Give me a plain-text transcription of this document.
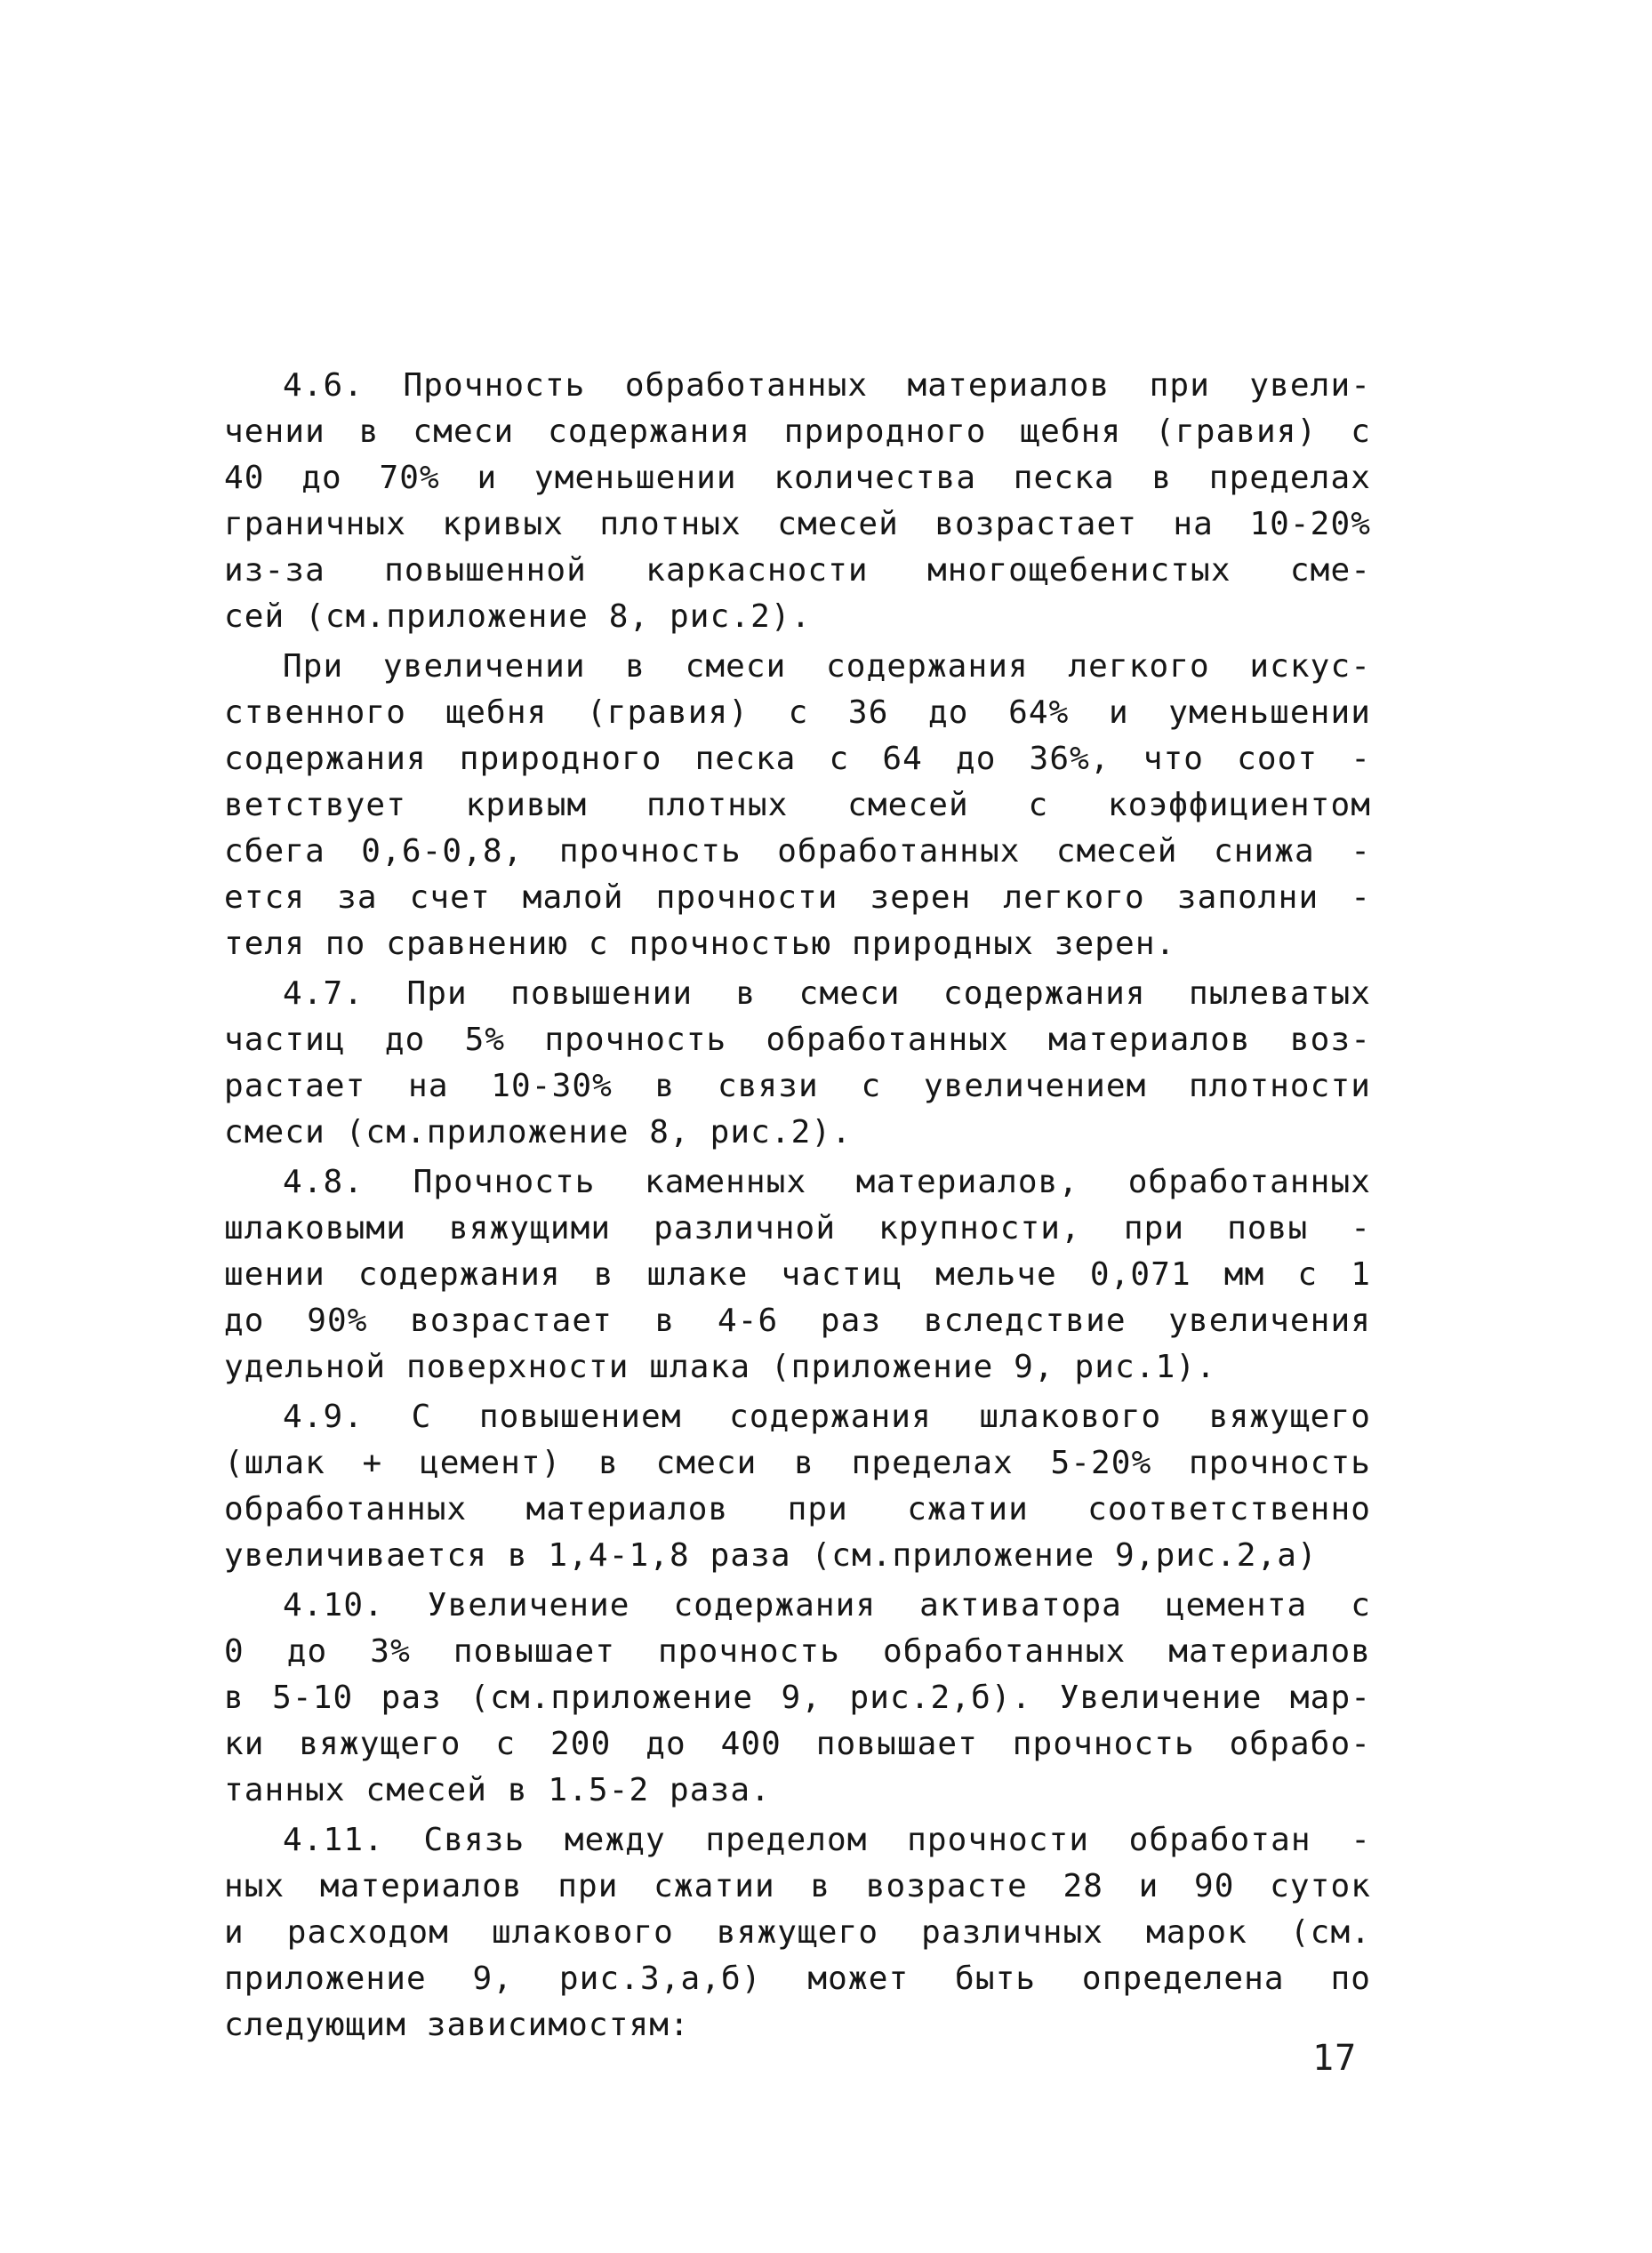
4.6. Прочность обработанных материалов при увели-
чении в смеси содержания природного щебня (гравия) с
40 до 70% и уменьшении количества песка в пределах
граничных кривых плотных смесей возрастает на 10-20%
из-за повышенной каркасности многощебенистых сме-
сей (см.приложение 8, рис.2).
При увеличении в смеси содержания легкого искус-
ственного щебня (гравия) с 36 до 64% и уменьшении
содержания природного песка с 64 до 36%, что соот -
ветствует кривым плотных смесей с коэффициентом
сбега 0,6-0,8, прочность обработанных смесей снижа -
ется за счет малой прочности зерен легкого заполни -
теля по сравнению с прочностью природных зерен.
4.7. При повышении в смеси содержания пылеватых
частиц до 5% прочность обработанных материалов воз-
растает на 10-30% в связи с увеличением плотности
смеси (см.приложение 8, рис.2).
4.8. Прочность каменных материалов, обработанных
шлаковыми вяжущими различной крупности, при повы -
шении содержания в шлаке частиц мельче 0,071 мм с 1
до 90% возрастает в 4-6 раз вследствие увеличения
удельной поверхности шлака (приложение 9, рис.1).
4.9. С повышением содержания шлакового вяжущего
(шлак + цемент) в смеси в пределах 5-20% прочность
обработанных материалов при сжатии соответственно
увеличивается в 1,4-1,8 раза (см.приложение 9,рис.2,а)
4.10. Увеличение содержания активатора цемента с
0 до 3% повышает прочность обработанных материалов
в 5-10 раз (см.приложение 9, рис.2,б). Увеличение мар-
ки вяжущего с 200 до 400 повышает прочность обрабо-
танных смесей в 1.5-2 раза.
4.11. Связь между пределом прочности обработан -
ных материалов при сжатии в возрасте 28 и 90 суток
и расходом шлакового вяжущего различных марок (см.
приложение 9, рис.3,а,б) может быть определена по
следующим зависимостям:
17
